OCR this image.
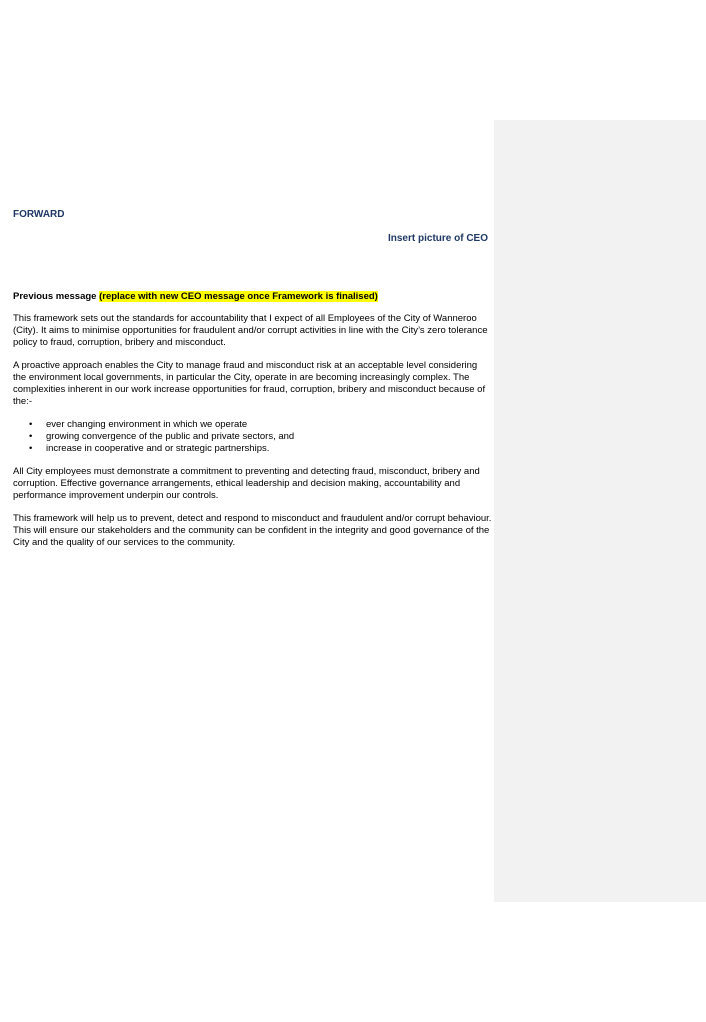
FORWARD

Insert picture of CEO

Previous message (replace with new CEO message once Framework is finalised)

This framework sets out the standards for accountability that I expect of all Employees of the City of Wanneroo (City). It aims to minimise opportunities for fraudulent and/or corrupt activities in line with the City’s zero tolerance policy to fraud, corruption, bribery and misconduct.

A proactive approach enables the City to manage fraud and misconduct risk at an acceptable level considering the environment local governments, in particular the City, operate in are becoming increasingly complex. The complexities inherent in our work increase opportunities for fraud, corruption, bribery and misconduct because of the:-

• ever changing environment in which we operate
• growing convergence of the public and private sectors, and
• increase in cooperative and or strategic partnerships.

All City employees must demonstrate a commitment to preventing and detecting fraud, misconduct, bribery and corruption. Effective governance arrangements, ethical leadership and decision making, accountability and performance improvement underpin our controls.

This framework will help us to prevent, detect and respond to misconduct and fraudulent and/or corrupt behaviour. This will ensure our stakeholders and the community can be confident in the integrity and good governance of the City and the quality of our services to the community.
